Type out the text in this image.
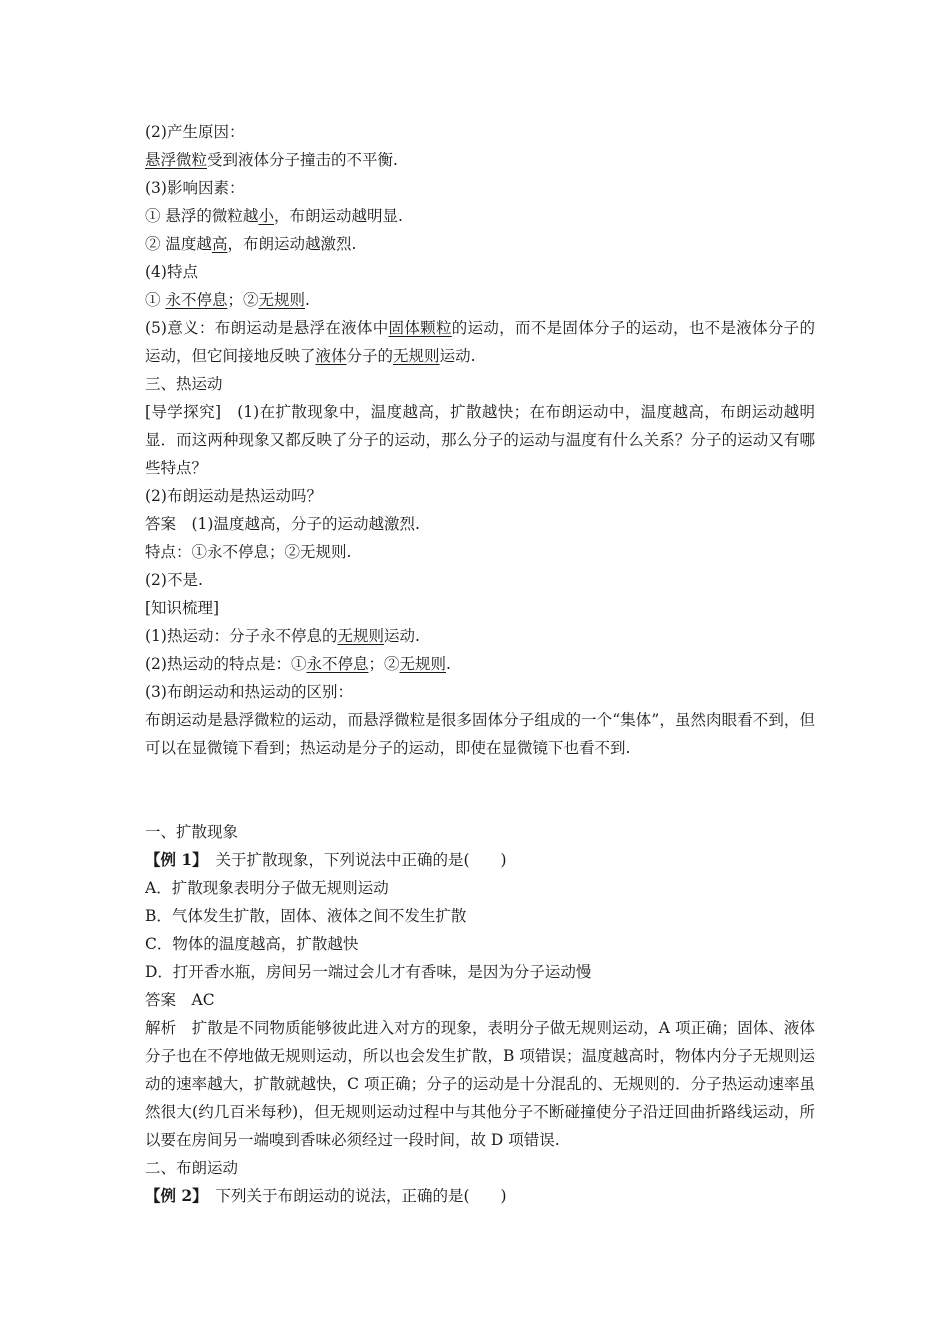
(2)产生原因：
悬浮微粒受到液体分子撞击的不平衡.
(3)影响因素：
① 悬浮的微粒越小，布朗运动越明显.
② 温度越高，布朗运动越激烈.
(4)特点
① 永不停息；②无规则.
(5)意义：布朗运动是悬浮在液体中固体颗粒的运动，而不是固体分子的运动，也不是液体分子的运动，但它间接地反映了液体分子的无规则运动.
三、热运动
[导学探究]　(1)在扩散现象中，温度越高，扩散越快；在布朗运动中，温度越高，布朗运动越明显．而这两种现象又都反映了分子的运动，那么分子的运动与温度有什么关系？分子的运动又有哪些特点？
(2)布朗运动是热运动吗？
答案　(1)温度越高，分子的运动越激烈.
特点：①永不停息；②无规则.
(2)不是.
[知识梳理]
(1)热运动：分子永不停息的无规则运动.
(2)热运动的特点是：①永不停息；②无规则.
(3)布朗运动和热运动的区别：
布朗运动是悬浮微粒的运动，而悬浮微粒是很多固体分子组成的一个“集体”，虽然肉眼看不到，但可以在显微镜下看到；热运动是分子的运动，即使在显微镜下也看不到.
一、扩散现象
【例 1】　关于扩散现象，下列说法中正确的是(　　)
A．扩散现象表明分子做无规则运动
B．气体发生扩散，固体、液体之间不发生扩散
C．物体的温度越高，扩散越快
D．打开香水瓶，房间另一端过会儿才有香味，是因为分子运动慢
答案　AC
解析　扩散是不同物质能够彼此进入对方的现象，表明分子做无规则运动，A 项正确；固体、液体分子也在不停地做无规则运动，所以也会发生扩散，B 项错误；温度越高时，物体内分子无规则运动的速率越大，扩散就越快，C 项正确；分子的运动是十分混乱的、无规则的．分子热运动速率虽然很大(约几百米每秒)，但无规则运动过程中与其他分子不断碰撞使分子沿迂回曲折路线运动，所以要在房间另一端嗅到香味必须经过一段时间，故 D 项错误.
二、布朗运动
【例 2】　下列关于布朗运动的说法，正确的是(　　)
